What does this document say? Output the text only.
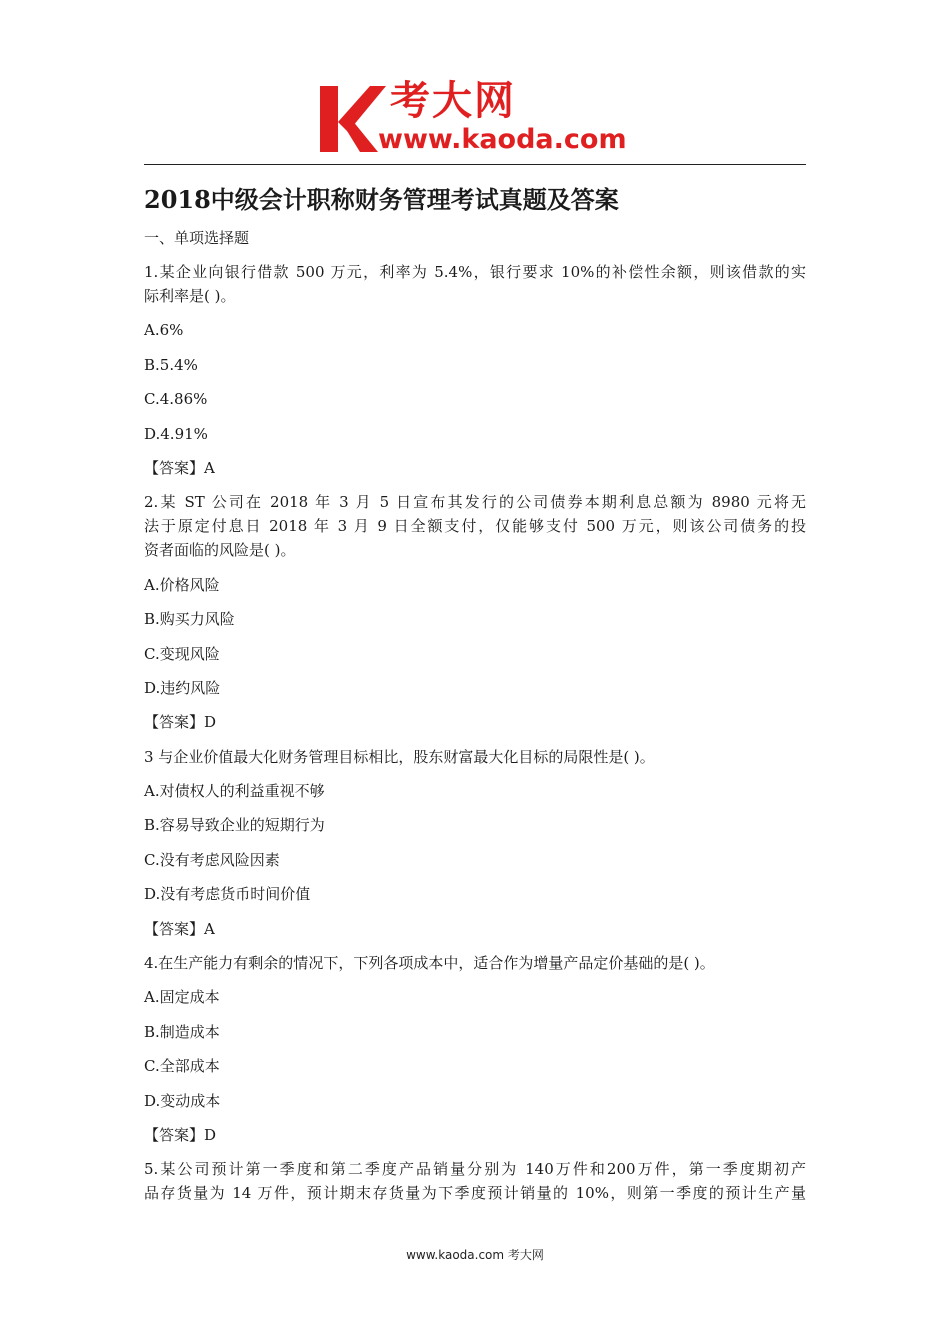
考大网
www.kaoda.com
2018中级会计职称财务管理考试真题及答案

一、单项选择题

1.某企业向银行借款 500 万元，利率为 5.4%，银行要求 10%的补偿性余额，则该借款的实

际利率是( )。

A.6%

B.5.4%

C.4.86%

D.4.91%

【答案】A

2.某 ST 公司在 2018 年 3 月 5 日宣布其发行的公司债券本期利息总额为 8980 元将无

法于原定付息日 2018 年 3 月 9 日全额支付，仅能够支付 500 万元，则该公司债务的投

资者面临的风险是( )。

A.价格风险

B.购买力风险

C.变现风险

D.违约风险

【答案】D

3 与企业价值最大化财务管理目标相比，股东财富最大化目标的局限性是( )。

A.对债权人的利益重视不够

B.容易导致企业的短期行为

C.没有考虑风险因素

D.没有考虑货币时间价值

【答案】A

4.在生产能力有剩余的情况下，下列各项成本中，适合作为增量产品定价基础的是( )。

A.固定成本

B.制造成本

C.全部成本

D.变动成本

【答案】D

5.某公司预计第一季度和第二季度产品销量分别为 140万件和200万件，第一季度期初产

品存货量为 14 万件，预计期末存货量为下季度预计销量的 10%，则第一季度的预计生产量

www.kaoda.com 考大网
